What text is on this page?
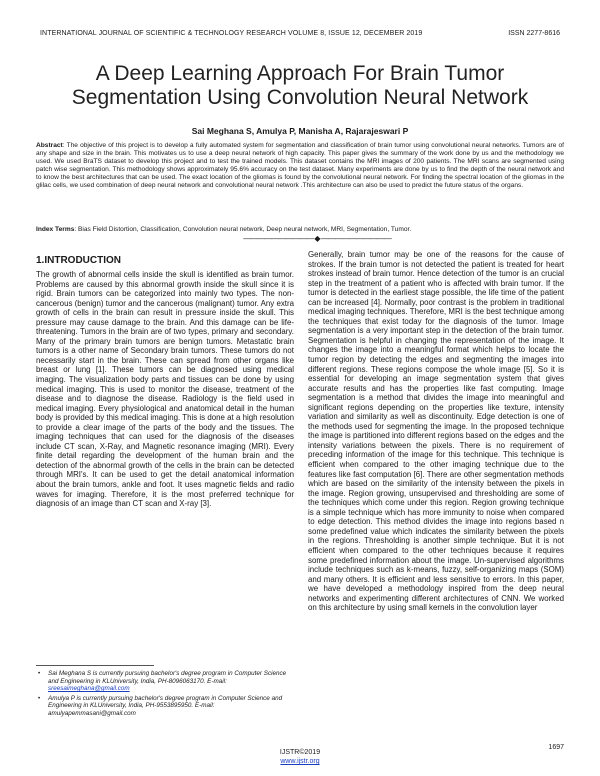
INTERNATIONAL JOURNAL OF SCIENTIFIC & TECHNOLOGY RESEARCH VOLUME 8, ISSUE 12, DECEMBER 2019	ISSN 2277-8616
A Deep Learning Approach For Brain Tumor
Segmentation Using Convolution Neural Network
Sai Meghana S, Amulya P, Manisha A, Rajarajeswari P
Abstract: The objective of this project is to develop a fully automated system for segmentation and classification of brain tumor using convolutional neural networks. Tumors are of any shape and size in the brain. This motivates us to use a deep neural network of high capacity. This paper gives the summary of the work done by us and the methodology we used. We used BraTS dataset to develop this project and to test the trained models. This dataset contains the MRI images of 200 patients. The MRI scans are segmented using patch wise segmentation. This methodology shows approximately 95.6% accuracy on the test dataset. Many experiments are done by us to find the depth of the neural network and to know the best architectures that can be used. The exact location of the gliomas is found by the convolutional neural network. For finding the spectral location of the gliomas in the glilac cells, we used combination of deep neural network and convolutional neural network .This architecture can also be used to predict the future status of the organs.
Index Terms: Bias Field Distortion, Classification, Convolution neural network, Deep neural network, MRI, Segmentation, Tumor.
—————————— ◆ ——————————
1.INTRODUCTION
The growth of abnormal cells inside the skull is identified as brain tumor. Problems are caused by this abnormal growth inside the skull since it is rigid. Brain tumors can be categorized into mainly two types. The non-cancerous (benign) tumor and the cancerous (malignant) tumor. Any extra growth of cells in the brain can result in pressure inside the skull. This pressure may cause damage to the brain. And this damage can be life-threatening. Tumors in the brain are of two types, primary and secondary. Many of the primary brain tumors are benign tumors. Metastatic brain tumors is a other name of Secondary brain tumors. These tumors do not necessarily start in the brain. These can spread from other organs like breast or lung [1]. These tumors can be diagnosed using medical imaging. The visualization body parts and tissues can be done by using medical imaging. This is used to monitor the disease, treatment of the disease and to diagnose the disease. Radiology is the field used in medical imaging. Every physiological and anatomical detail in the human body is provided by this medical imaging. This is done at a high resolution to provide a clear image of the parts of the body and the tissues. The imaging techniques that can used for the diagnosis of the diseases include CT scan, X-Ray, and Magnetic resonance imaging (MRI). Every finite detail regarding the development of the human brain and the detection of the abnormal growth of the cells in the brain can be detected through MRI's. It can be used to get the detail anatomical information about the brain tumors, ankle and foot. It uses magnetic fields and radio waves for imaging. Therefore, it is the most preferred technique for diagnosis of an image than CT scan and X-ray [3].
Generally, brain tumor may be one of the reasons for the cause of strokes. If the brain tumor is not detected the patient is treated for heart strokes instead of brain tumor. Hence detection of the tumor is an crucial step in the treatment of a patient who is affected with brain tumor. If the tumor is detected in the earliest stage possible, the life time of the patient can be increased [4]. Normally, poor contrast is the problem in traditional medical imaging techniques. Therefore, MRI is the best technique among the techniques that exist today for the diagnosis of the tumor. Image segmentation is a very important step in the detection of the brain tumor. Segmentation is helpful in changing the representation of the image. It changes the image into a meaningful format which helps to locate the tumor region by detecting the edges and segmenting the images into different regions. These regions compose the whole image [5]. So it is essential for developing an image segmentation system that gives accurate results and has the properties like fast computing. Image segmentation is a method that divides the image into meaningful and significant regions depending on the properties like texture, intensity variation and similarity as well as discontinuity. Edge detection is one of the methods used for segmenting the image. In the proposed technique the image is partitioned into different regions based on the edges and the intensity variations between the pixels. There is no requirement of preceding information of the image for this technique. This technique is efficient when compared to the other imaging technique due to the features like fast computation [6]. There are other segmentation methods which are based on the similarity of the intensity between the pixels in the image. Region growing, unsupervised and thresholding are some of the techniques which come under this region. Region growing technique is a simple technique which has more immunity to noise when compared to edge detection. This method divides the image into regions based n some predefined value which indicates the similarity between the pixels in the regions. Thresholding is another simple technique. But it is not efficient when compared to the other techniques because it requires some predefined information about the image. Un-supervised algorithms include techniques such as k-means, fuzzy, self-organizing maps (SOM) and many others. It is efficient and less sensitive to errors. In this paper, we have developed a methodology inspired from the deep neural networks and experimenting different architectures of CNN. We worked on this architecture by using small kernels in the convolution layer
• Sai Meghana S is currently pursuing bachelor's degree program in Computer Science and Engineering in KLUniversity, India, PH-8096063170. E-mail: sreesaimeghana@gmail.com
• Amulya P is currently pursuing bachelor's degree program in Computer Science and Engineering in KLUniversity, India, PH-9553895950. E-mail: amulyapemmasani@gmail.com
1697
IJSTR©2019
www.ijstr.org
